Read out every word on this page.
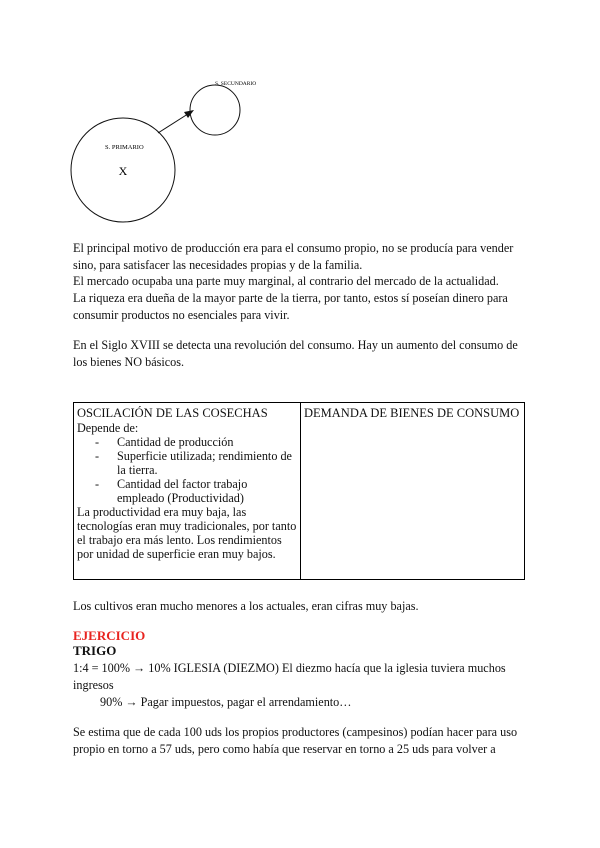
S. SECUNDARIO
S. PRIMARIO
X

El principal motivo de producción era para el consumo propio, no se producía para vender sino, para satisfacer las necesidades propias y de la familia.

El mercado ocupaba una parte muy marginal, al contrario del mercado de la actualidad.

La riqueza era dueña de la mayor parte de la tierra, por tanto, estos sí poseían dinero para consumir productos no esenciales para vivir.

En el Siglo XVIII se detecta una revolución del consumo. Hay un aumento del consumo de los bienes NO básicos.

OSCILACIÓN DE LAS COSECHAS
Depende de:
- Cantidad de producción
- Superficie utilizada; rendimiento de la tierra.
- Cantidad del factor trabajo empleado (Productividad)
La productividad era muy baja, las tecnologías eran muy tradicionales, por tanto el trabajo era más lento. Los rendimientos por unidad de superficie eran muy bajos.
DEMANDA DE BIENES DE CONSUMO

Los cultivos eran mucho menores a los actuales, eran cifras muy bajas.

EJERCICIO
TRIGO

1:4 = 100% → 10% IGLESIA (DIEZMO) El diezmo hacía que la iglesia tuviera muchos ingresos

90% → Pagar impuestos, pagar el arrendamiento…

Se estima que de cada 100 uds los propios productores (campesinos) podían hacer para uso propio en torno a 57 uds, pero como había que reservar en torno a 25 uds para volver a
